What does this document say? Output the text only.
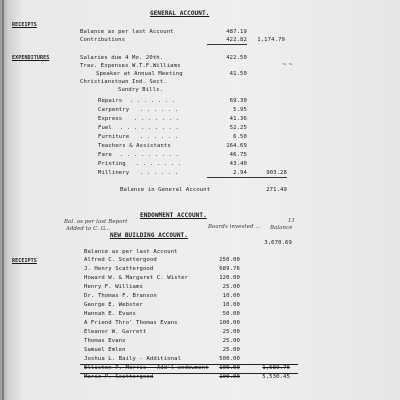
GENERAL ACCOUNT.
RECEIPTS
Balance as per last Account	487.19
Contributions	422.82	1,174.79
EXPENDITURES	Salaries due 4 Mo. 20th.	422.50
Trav. Expenses W.T.F.Williams	~ ~
Speaker at Annual Meeting	41.50
Christianstown Ind. Sect.
Sundry Bills.
Repairs . . . . . . .	69.30
Carpentry . . . . . .	5.95
Express . . . . . . .	41.36
Fuel . . . . . . . . .	52.25
Furniture . . . . . .	6.50
Teachers & Assistants	164.69
Fare . . . . . . . . .	46.75
Printing . . . . . . .	43.40
Millinery . . . . . .	2.94	903.28
Balance in General Account	271.49
ENDOWMENT ACCOUNT.
Bal. as per last Report
Added to C. G...	Boards invested ... Balance
11
NEW BUILDING ACCOUNT.
3,670.69
Balance as per last Account
RECEIPTS	Alfred C. Scattergood	250.00
J. Henry Scattergood	689.76
Howard W. & Margaret C. Wister	120.00
Henry F. Williams	25.00
Dr. Thomas F. Branson	10.00
George E. Webster	10.00
Hannah E. Evans	50.00
A Friend Thro' Thomas Evans	100.00
Eleanor W. Garrett	25.00
Thomas Evans	25.00
Samuel Emlen	25.00
Joshua L. Baily - Additional	500.00
Elliston P. Morris - Add'l endowment	100.00	1,689.76
Marie P. Scattergood	100.00	5,530.45
